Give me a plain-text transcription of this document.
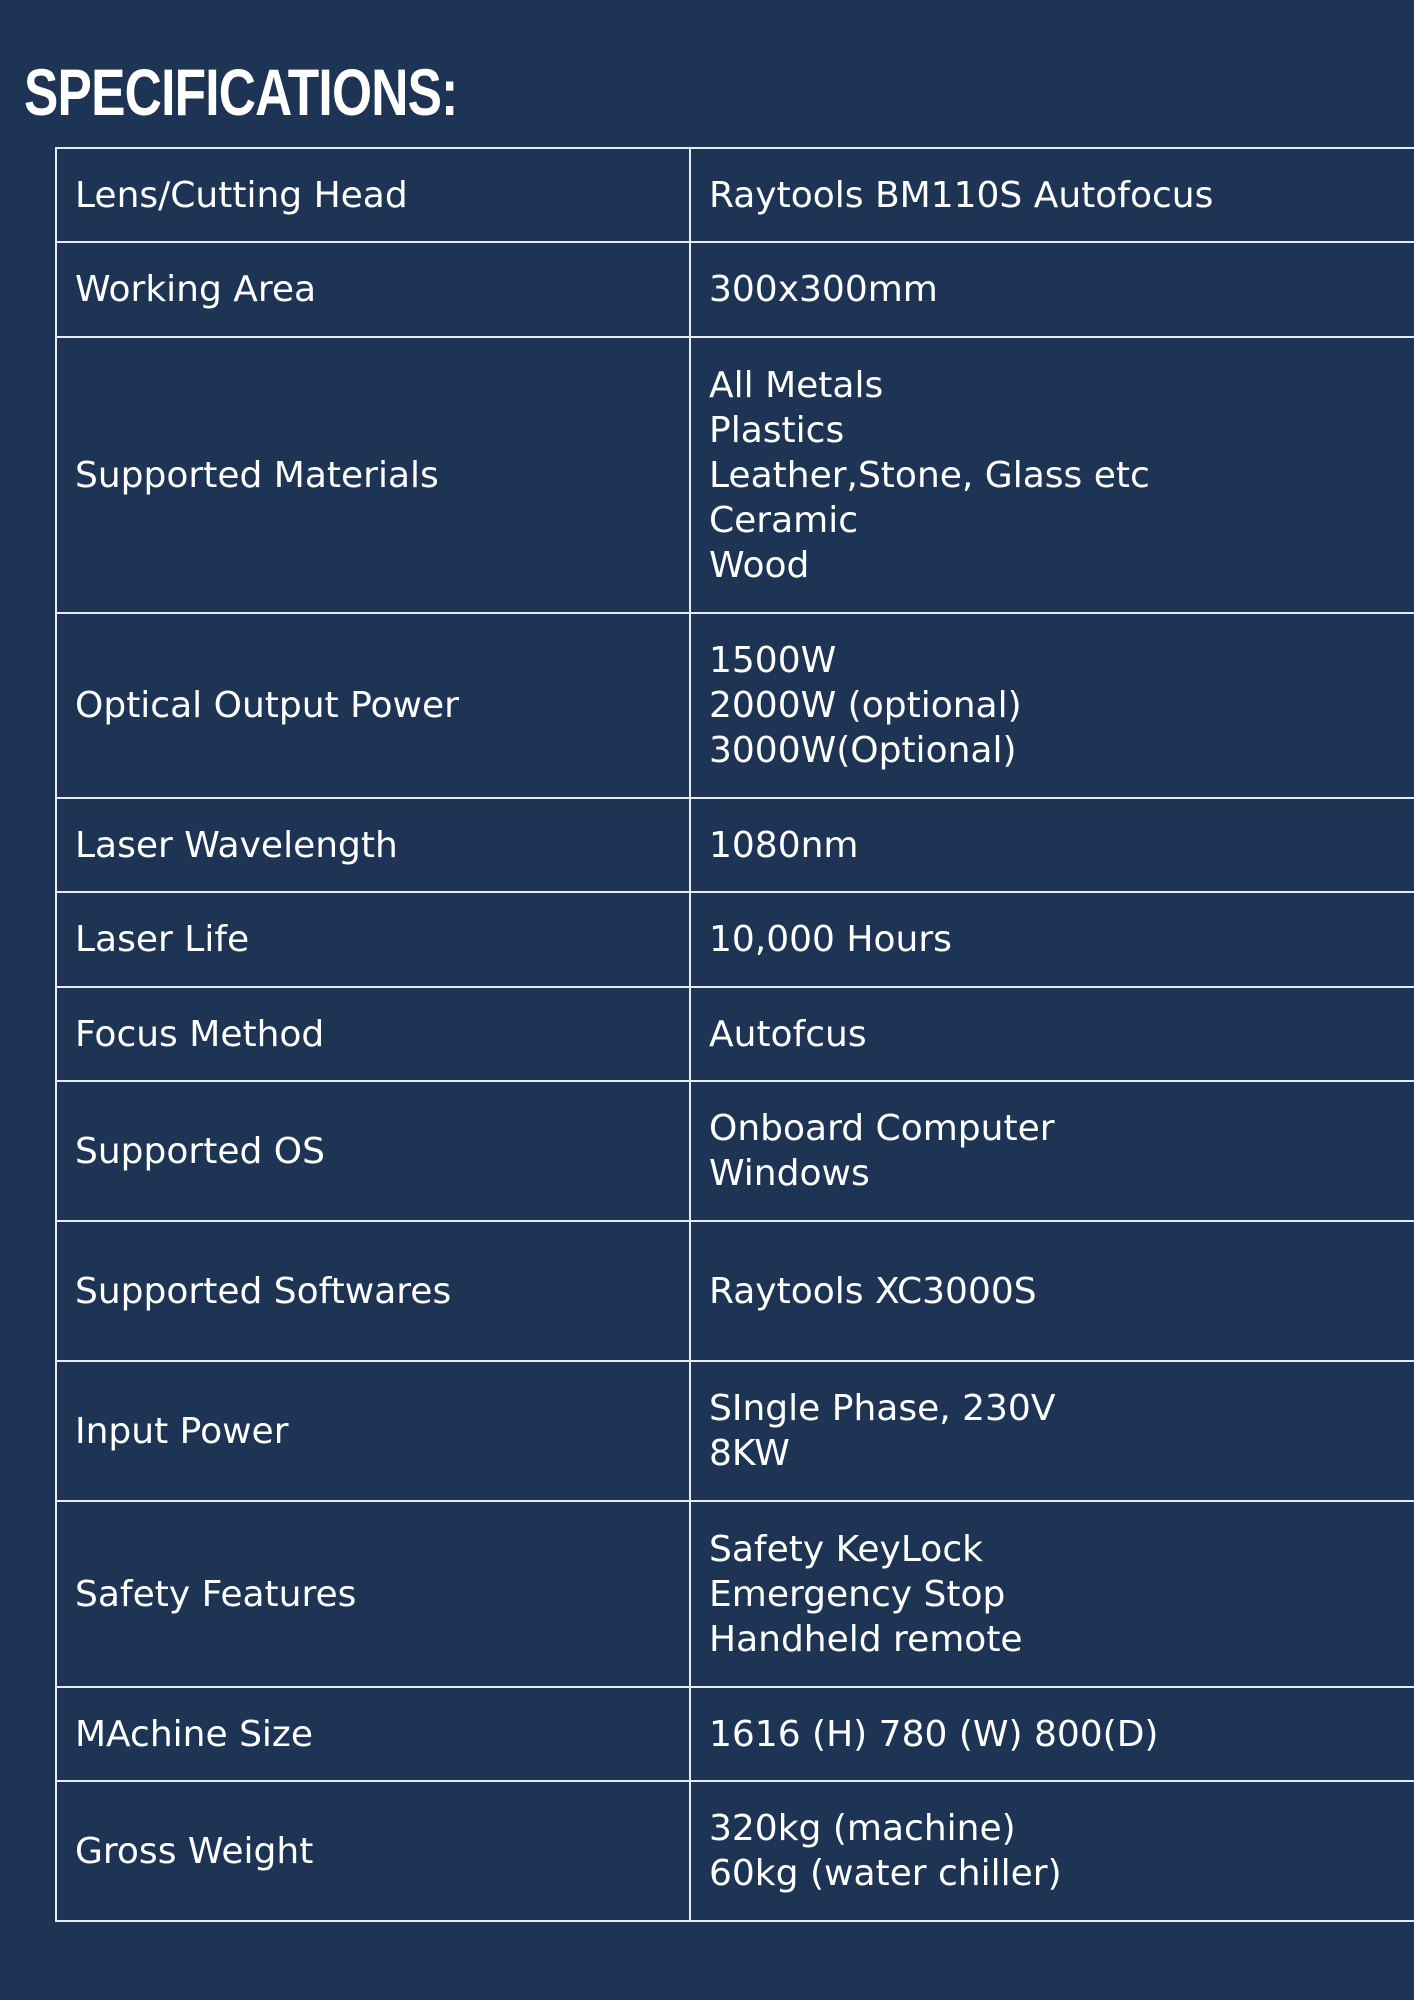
SPECIFICATIONS:
Lens/Cutting Head	Raytools BM110S Autofocus
Working Area	300x300mm
Supported Materials	All Metals
Plastics
Leather,Stone, Glass etc
Ceramic
Wood
Optical Output Power	1500W
2000W (optional)
3000W(Optional)
Laser Wavelength	1080nm
Laser Life	10,000 Hours
Focus Method	Autofcus
Supported OS	Onboard Computer
Windows
Supported Softwares	Raytools XC3000S
Input Power	SIngle Phase, 230V
8KW
Safety Features	Safety KeyLock
Emergency Stop
Handheld remote
MAchine Size	1616 (H) 780 (W) 800(D)
Gross Weight	320kg (machine)
60kg (water chiller)
